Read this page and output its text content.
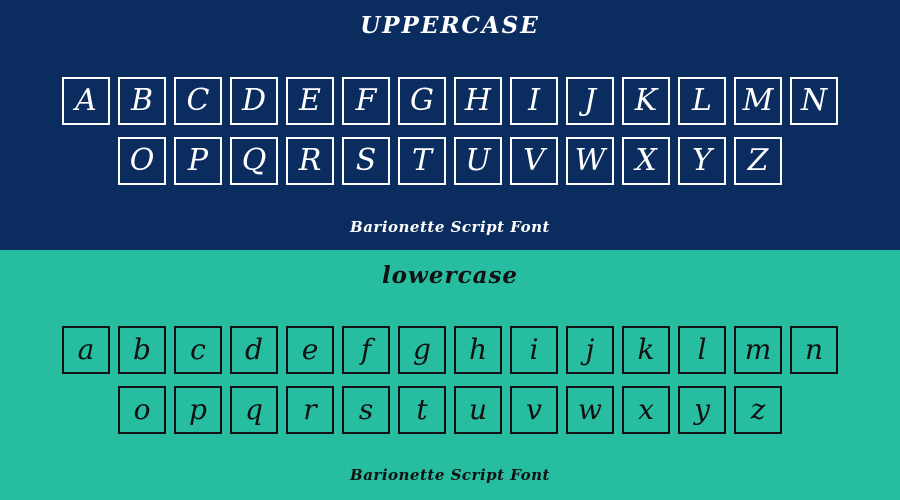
UPPERCASE
A	B	C	D	E	F	G	H	I	J	K	L	M N
O	P	Q	R	S	T	U	V W X	Y	Z
Barionette Script Font
lowercase
a	b	c	d	e	f	g	h	i	j	k	l	m	n
o	p	q	r	s	t	u	v	w	x	y	z
Barionette Script Font
